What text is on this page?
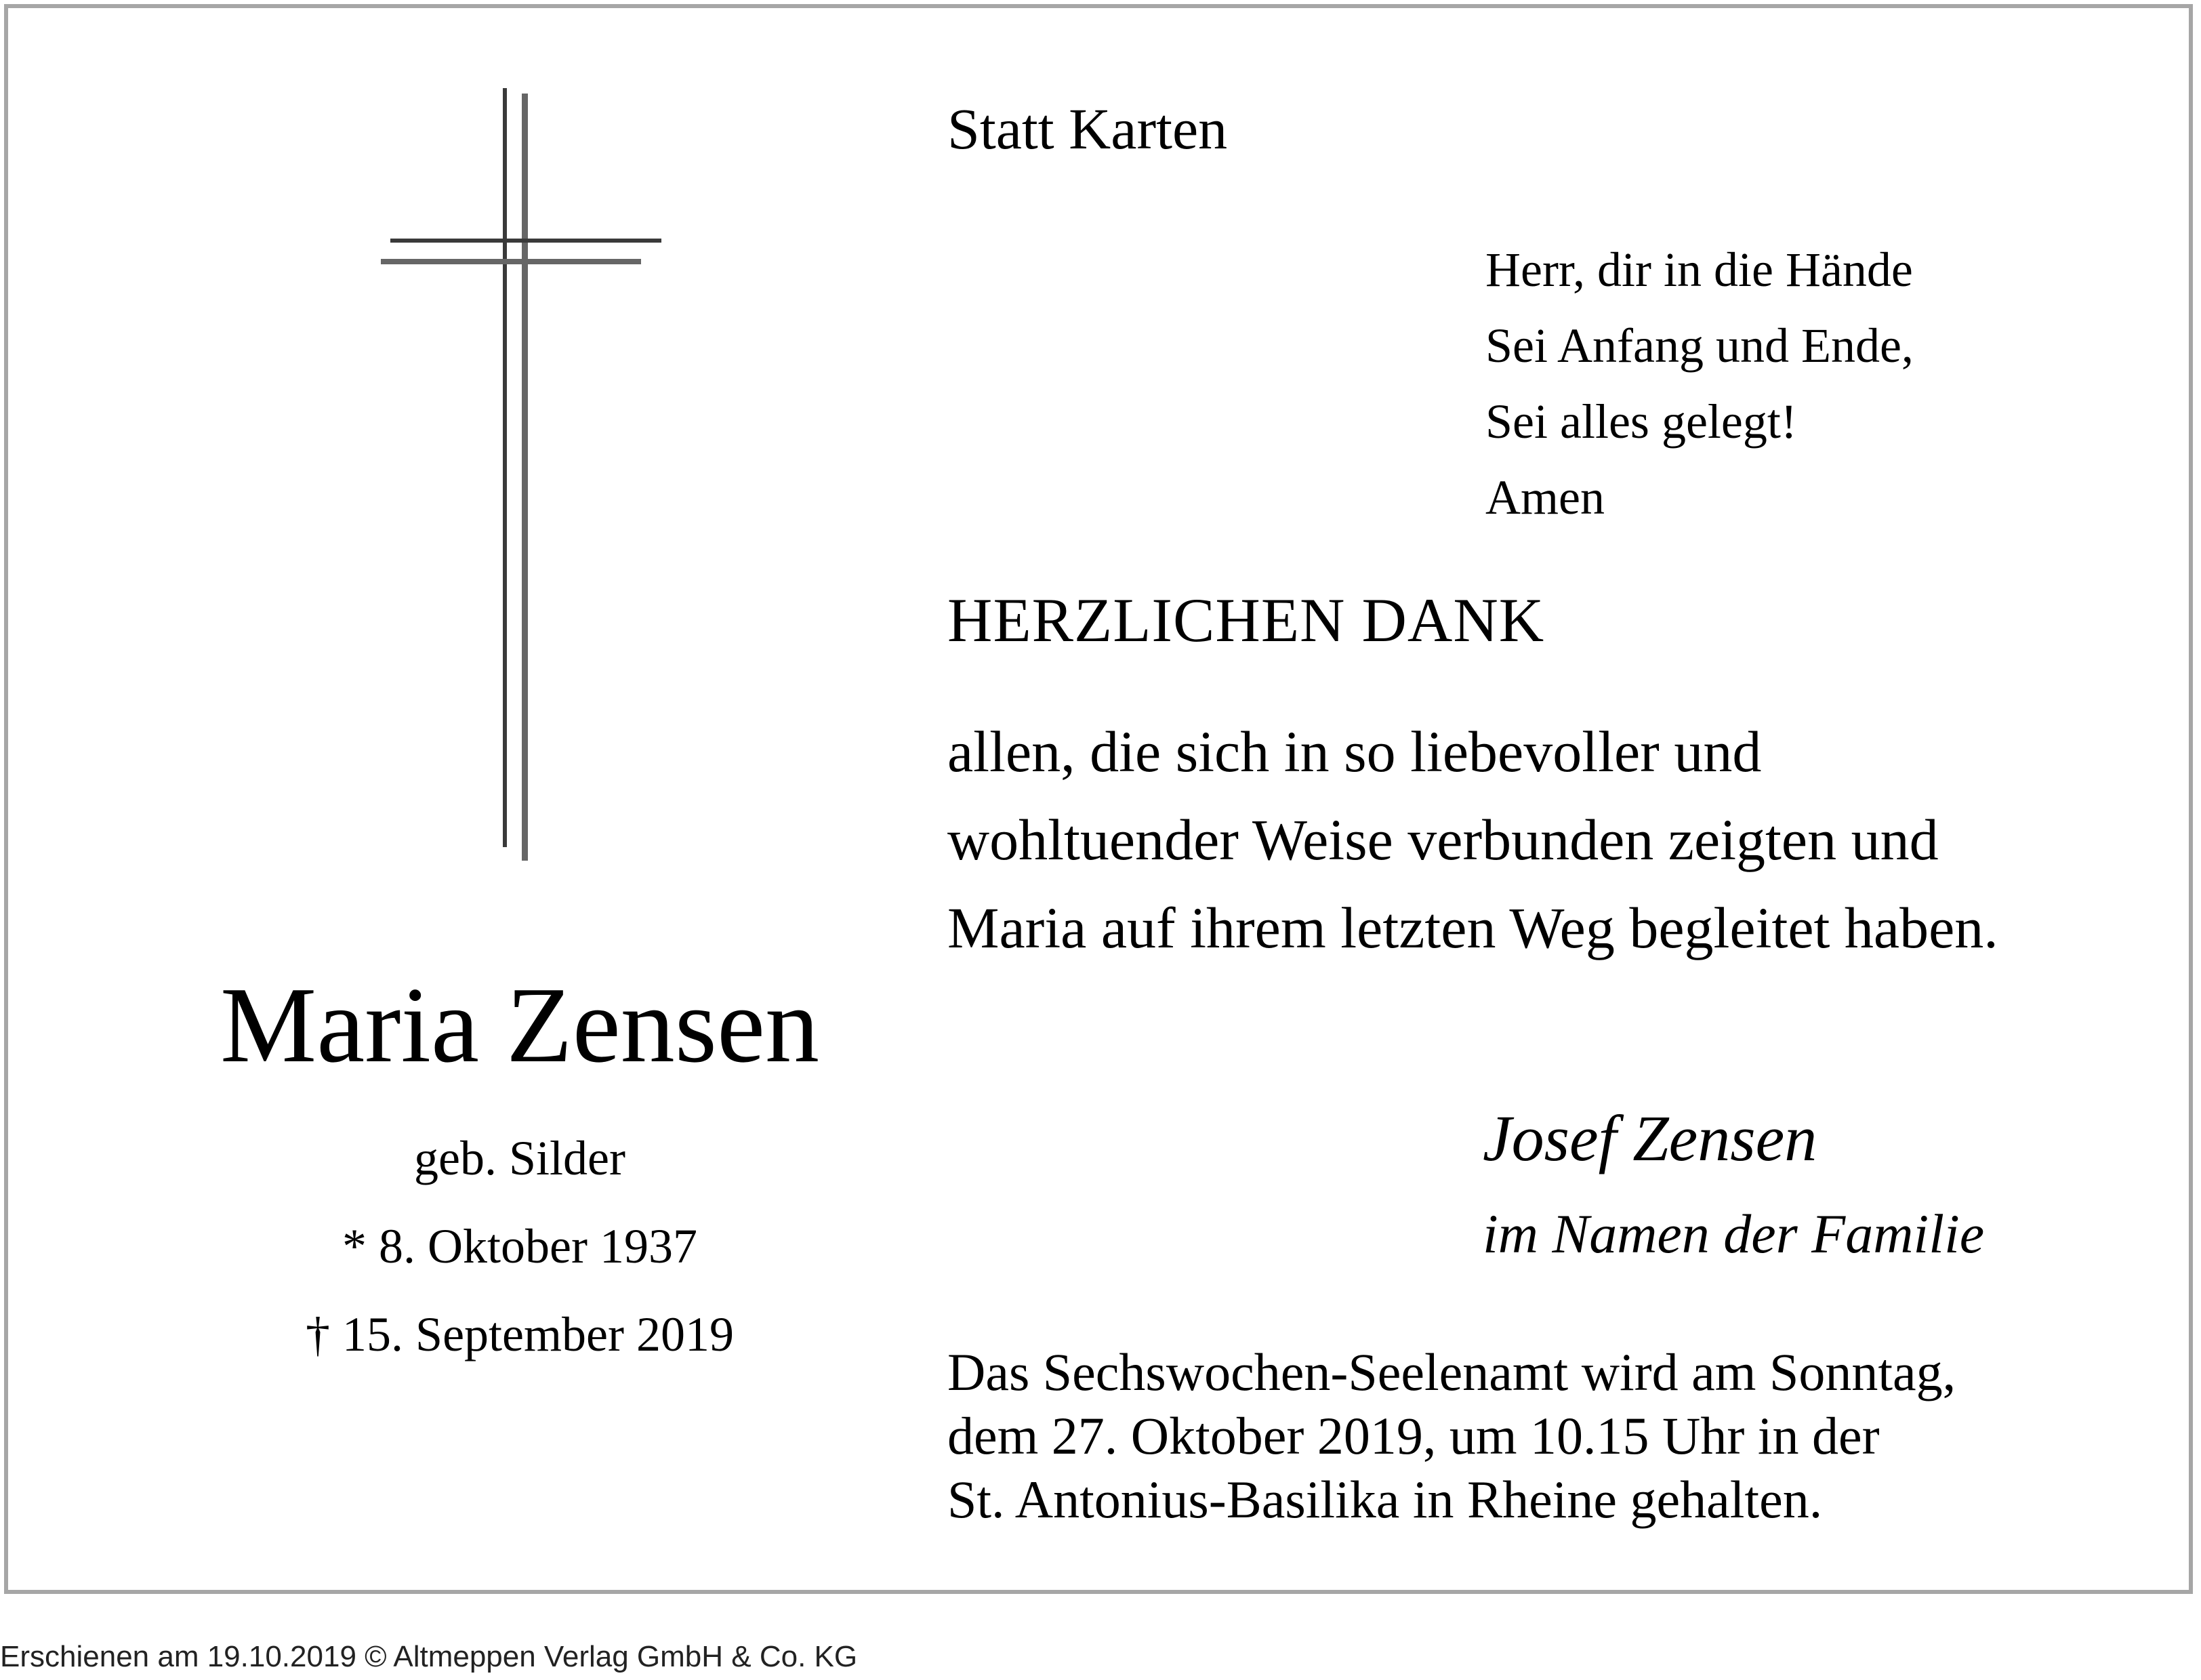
Statt Karten
Herr, dir in die Hände
Sei Anfang und Ende,
Sei alles gelegt!
Amen
HERZLICHEN DANK
allen, die sich in so liebevoller und
wohltuender Weise verbunden zeigten und
Maria auf ihrem letzten Weg begleitet haben.
Maria Zensen
geb. Silder
* 8. Oktober 1937
† 15. September 2019
Josef Zensen
im Namen der Familie
Das Sechswochen-Seelenamt wird am Sonntag,
dem 27. Oktober 2019, um 10.15 Uhr in der
St. Antonius-Basilika in Rheine gehalten.
Erschienen am 19.10.2019 © Altmeppen Verlag GmbH & Co. KG
